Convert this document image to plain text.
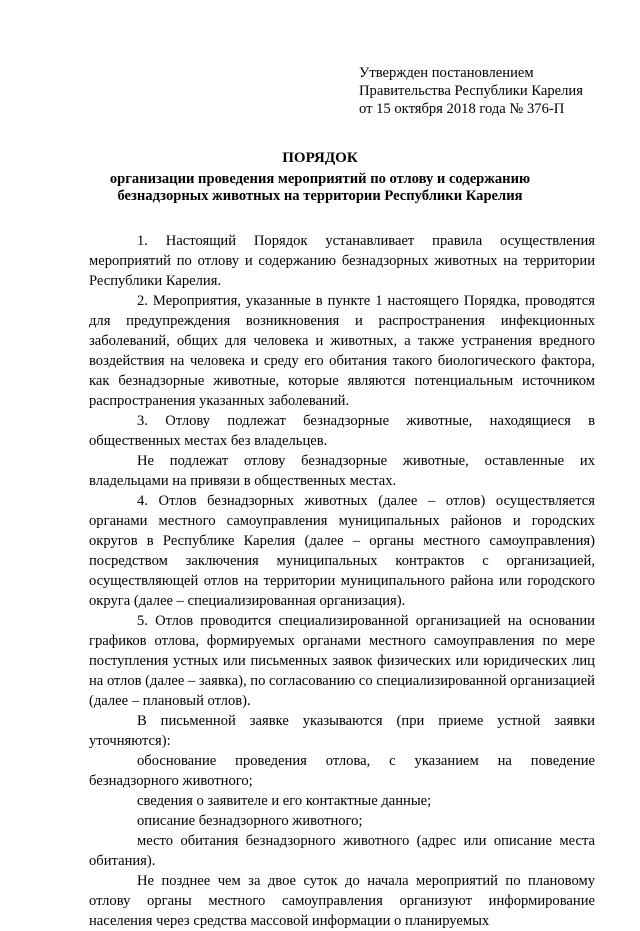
Утвержден постановлением
Правительства Республики Карелия
от 15 октября 2018 года № 376-П
ПОРЯДОК
организации проведения мероприятий по отлову и содержанию
безнадзорных животных на территории Республики Карелия

1. Настоящий Порядок устанавливает правила осуществления мероприятий по отлову и содержанию безнадзорных животных на территории Республики Карелия.

2. Мероприятия, указанные в пункте 1 настоящего Порядка, проводятся для предупреждения возникновения и распространения инфекционных заболеваний, общих для человека и животных, а также устранения вредного воздействия на человека и среду его обитания такого биологического фактора, как безнадзорные животные, которые являются потенциальным источником распространения указанных заболеваний.

3. Отлову подлежат безнадзорные животные, находящиеся в общественных местах без владельцев.

Не подлежат отлову безнадзорные животные, оставленные их владельцами на привязи в общественных местах.

4. Отлов безнадзорных животных (далее – отлов) осуществляется органами местного самоуправления муниципальных районов и городских округов в Республике Карелия (далее – органы местного самоуправления) посредством заключения муниципальных контрактов с организацией, осуществляющей отлов на территории муниципального района или городского округа (далее – специализированная организация).

5. Отлов проводится специализированной организацией на основании графиков отлова, формируемых органами местного самоуправления по мере поступления устных или письменных заявок физических или юридических лиц на отлов (далее – заявка), по согласованию со специализированной организацией (далее – плановый отлов).

В письменной заявке указываются (при приеме устной заявки уточняются):

обоснование проведения отлова, с указанием на поведение безнадзорного животного;

сведения о заявителе и его контактные данные;

описание безнадзорного животного;

место обитания безнадзорного животного (адрес или описание места обитания).

Не позднее чем за двое суток до начала мероприятий по плановому отлову органы местного самоуправления организуют информирование населения через средства массовой информации о планируемых
